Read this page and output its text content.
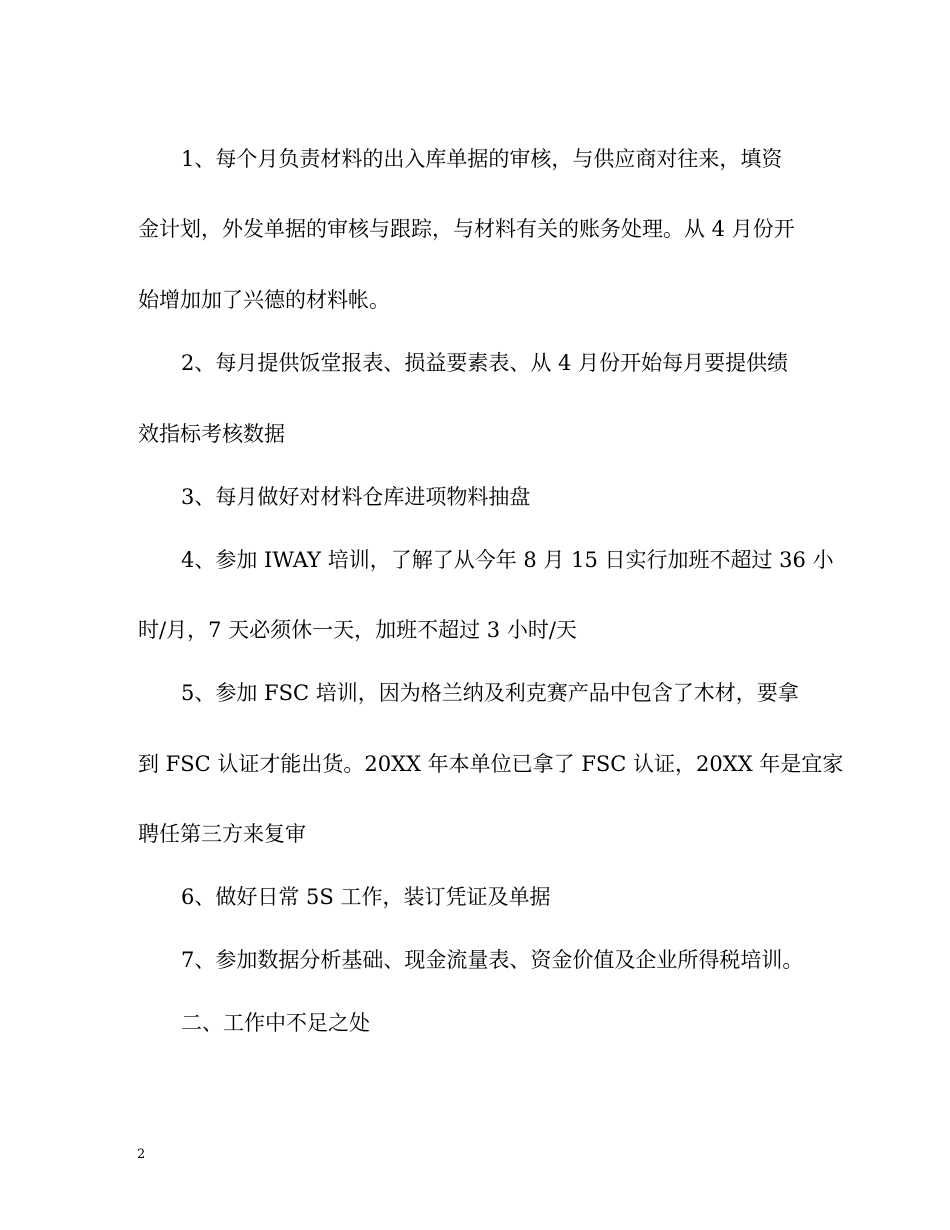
1、每个月负责材料的出入库单据的审核，与供应商对往来，填资
金计划，外发单据的审核与跟踪，与材料有关的账务处理。从 4 月份开
始增加加了兴德的材料帐。
2、每月提供饭堂报表、损益要素表、从 4 月份开始每月要提供绩
效指标考核数据
3、每月做好对材料仓库进项物料抽盘
4、参加 IWAY 培训，了解了从今年 8 月 15 日实行加班不超过 36 小
时/月，7 天必须休一天，加班不超过 3 小时/天
5、参加 FSC 培训，因为格兰纳及利克赛产品中包含了木材，要拿
到 FSC 认证才能出货。20XX 年本单位已拿了 FSC 认证，20XX 年是宜家
聘任第三方来复审
6、做好日常 5S 工作，装订凭证及单据
7、参加数据分析基础、现金流量表、资金价值及企业所得税培训。
二、工作中不足之处
2
